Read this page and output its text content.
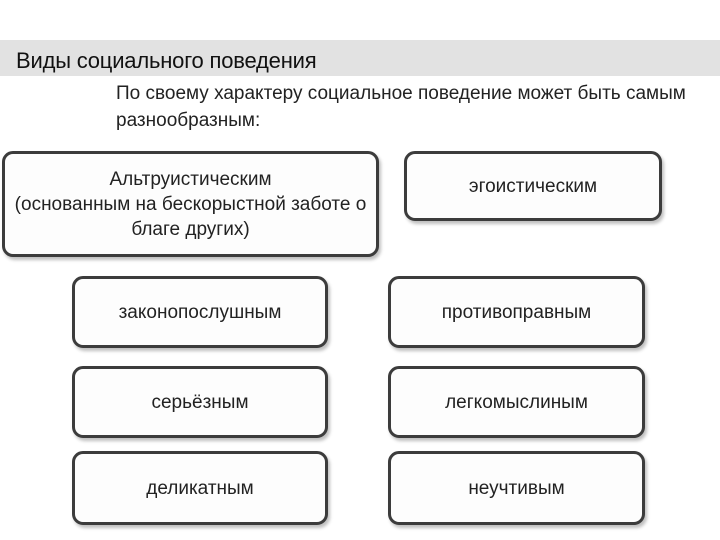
Виды социального поведения
По своему характеру социальное поведение может быть самым разнообразным:
Альтруистическим
(основанным на бескорыстной заботе о благе других)
эгоистическим
законопослушным	противоправным
серьёзным	легкомыслиным
деликатным	неучтивым
